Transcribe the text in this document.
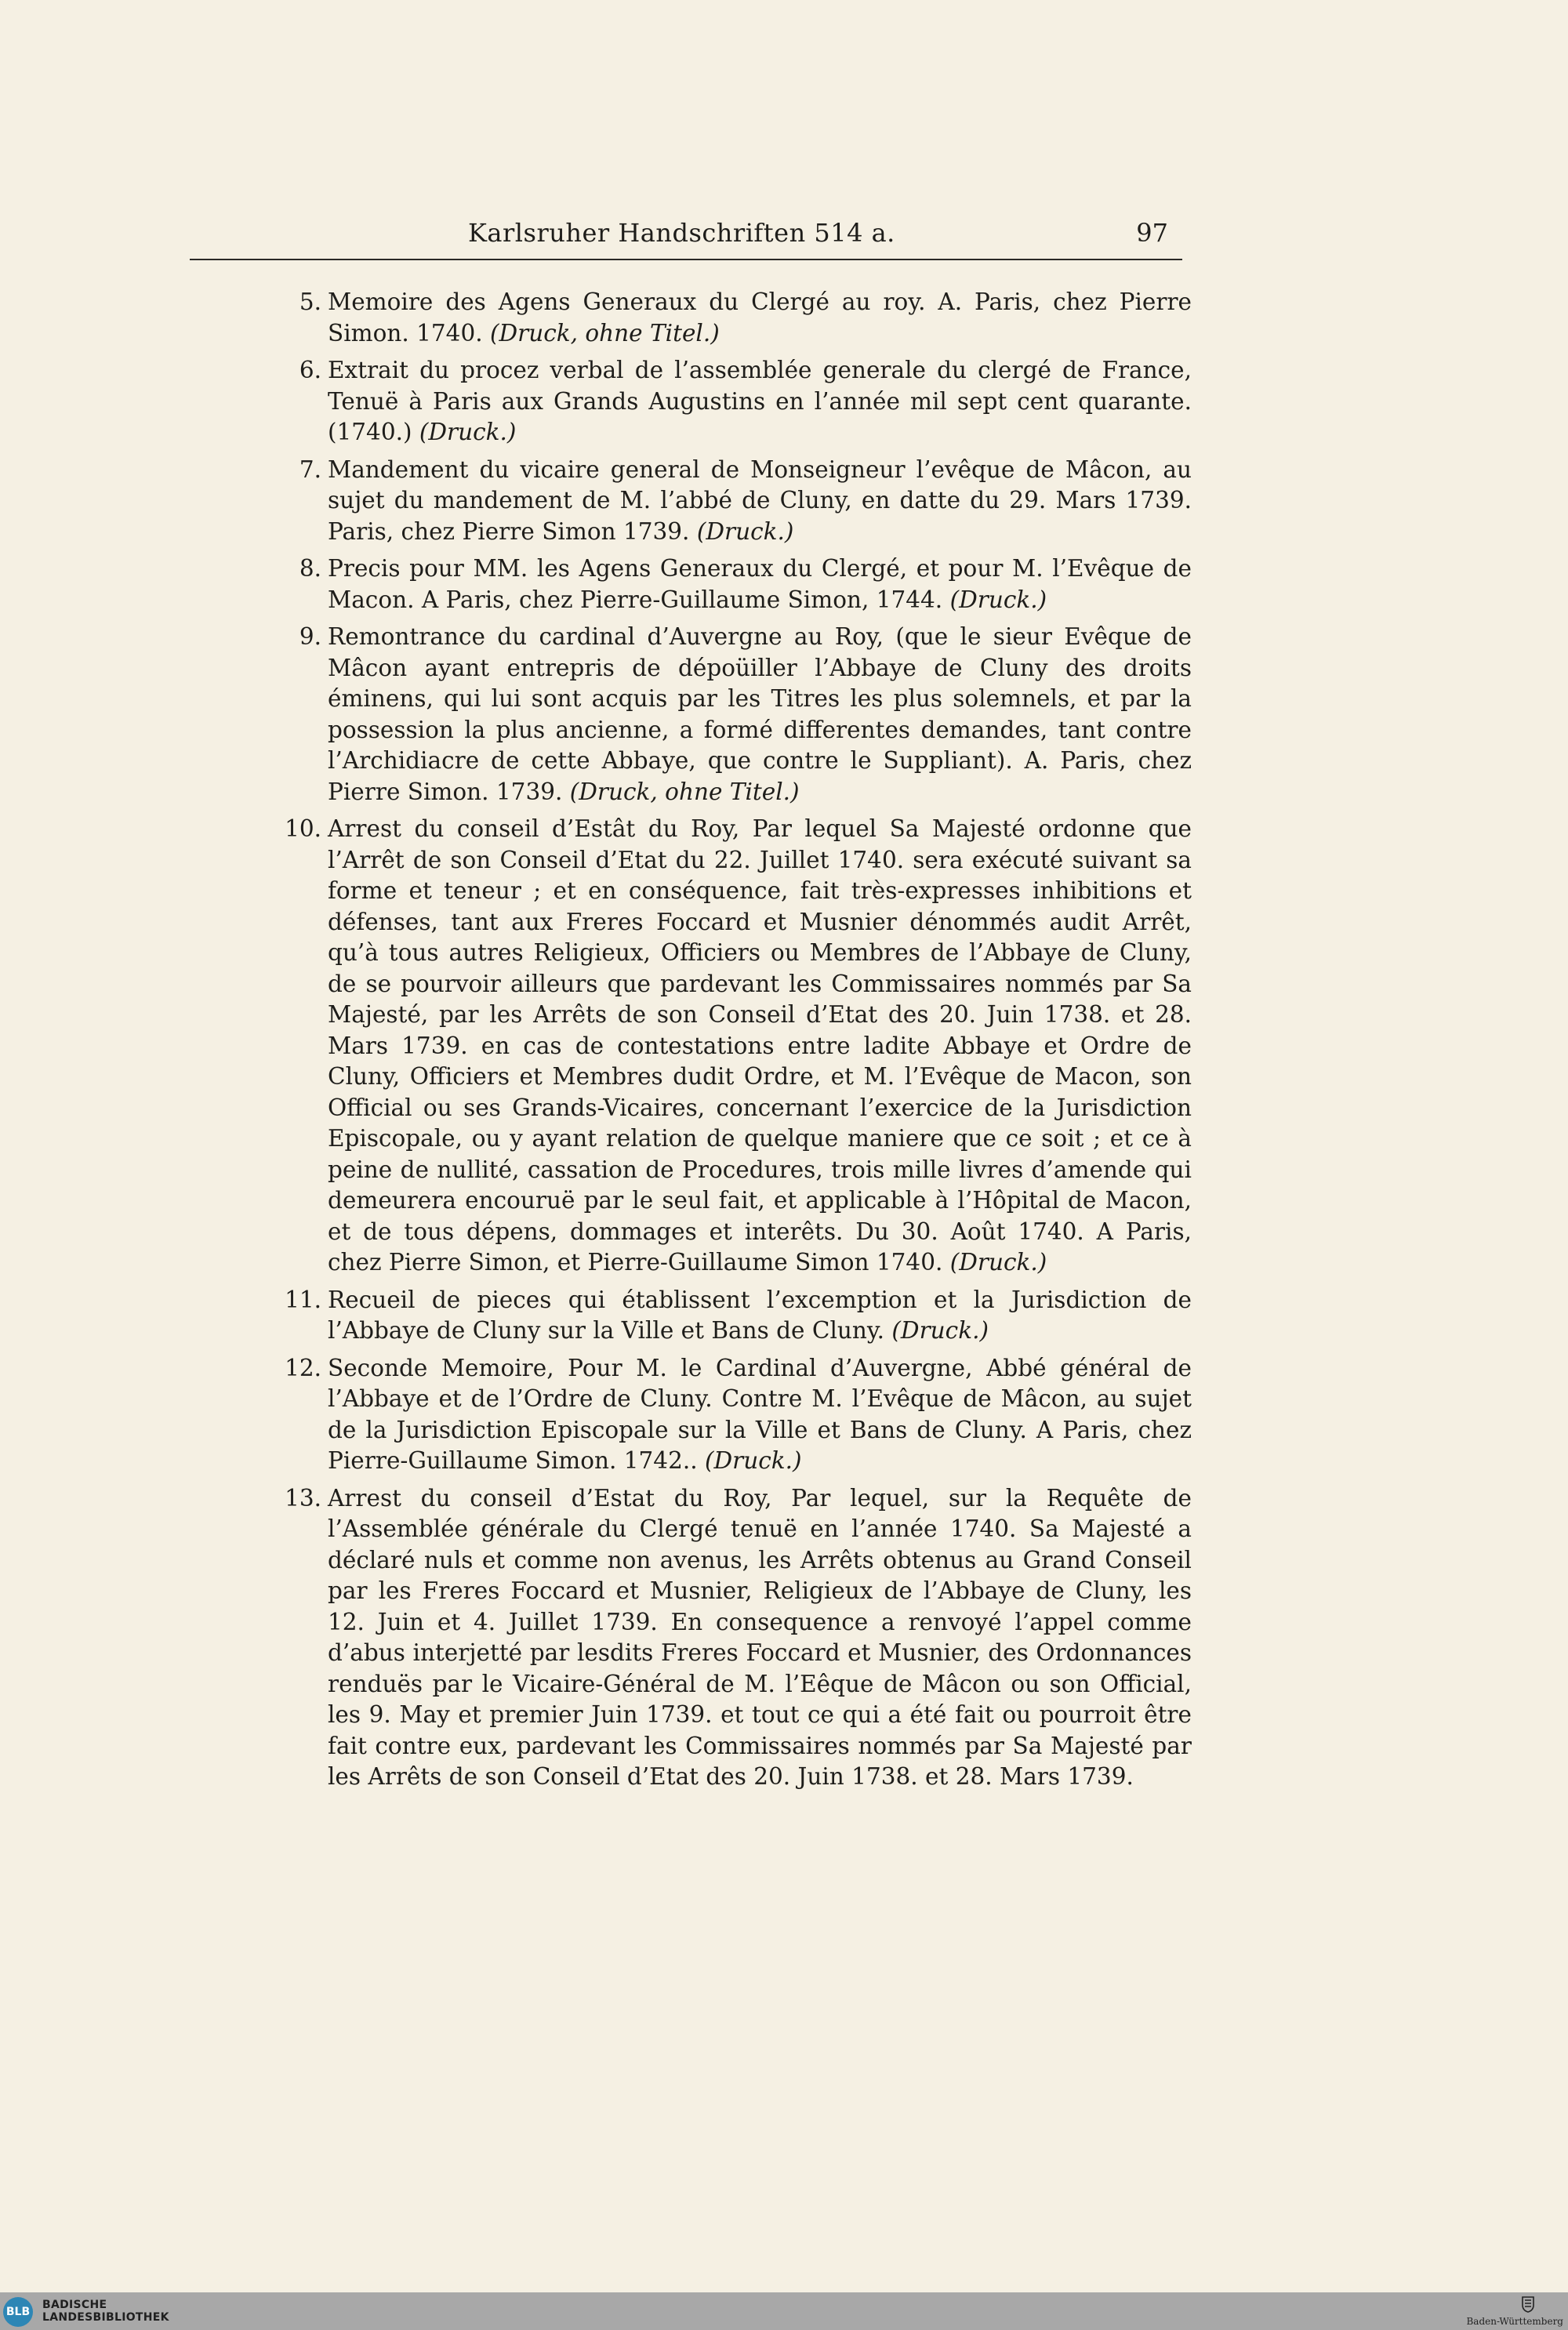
Karlsruher Handschriften 514 a.	97
5. Memoire des Agens Generaux du Clergé au roy. A. Paris, chez Pierre Simon. 1740. (Druck, ohne Titel.)
6. Extrait du procez verbal de l’assemblée generale du clergé de France, Tenuë à Paris aux Grands Augustins en l’année mil sept cent quarante. (1740.) (Druck.)
7. Mandement du vicaire general de Monseigneur l’evêque de Mâcon, au sujet du mandement de M. l’abbé de Cluny, en datte du 29. Mars 1739. Paris, chez Pierre Simon 1739. (Druck.)
8. Precis pour MM. les Agens Generaux du Clergé, et pour M. l’Evêque de Macon. A Paris, chez Pierre-Guillaume Simon, 1744. (Druck.)
9. Remontrance du cardinal d’Auvergne au Roy, (que le sieur Evêque de Mâcon ayant entrepris de dépoüiller l’Abbaye de Cluny des droits éminens, qui lui sont acquis par les Titres les plus solemnels, et par la possession la plus ancienne, a formé differentes demandes, tant contre l’Archidiacre de cette Abbaye, que contre le Suppliant). A. Paris, chez Pierre Simon. 1739. (Druck, ohne Titel.)
10. Arrest du conseil d’Estât du Roy, Par lequel Sa Majesté ordonne que l’Arrêt de son Conseil d’Etat du 22. Juillet 1740. sera exécuté suivant sa forme et teneur ; et en conséquence, fait très-expresses inhibitions et défenses, tant aux Freres Foccard et Musnier dénommés audit Arrêt, qu’à tous autres Religieux, Officiers ou Membres de l’Abbaye de Cluny, de se pourvoir ailleurs que pardevant les Commissaires nommés par Sa Majesté, par les Arrêts de son Conseil d’Etat des 20. Juin 1738. et 28. Mars 1739. en cas de contestations entre ladite Abbaye et Ordre de Cluny, Officiers et Membres dudit Ordre, et M. l’Evêque de Macon, son Official ou ses Grands-Vicaires, concernant l’exercice de la Jurisdiction Episcopale, ou y ayant relation de quelque maniere que ce soit ; et ce à peine de nullité, cassation de Procedures, trois mille livres d’amende qui demeurera encouruë par le seul fait, et applicable à l’Hôpital de Macon, et de tous dépens, dommages et interêts. Du 30. Août 1740. A Paris, chez Pierre Simon, et Pierre-Guillaume Simon 1740. (Druck.)
11. Recueil de pieces qui établissent l’excemption et la Jurisdiction de l’Abbaye de Cluny sur la Ville et Bans de Cluny. (Druck.)
12. Seconde Memoire, Pour M. le Cardinal d’Auvergne, Abbé général de l’Abbaye et de l’Ordre de Cluny. Contre M. l’Evêque de Mâcon, au sujet de la Jurisdiction Episcopale sur la Ville et Bans de Cluny. A Paris, chez Pierre-Guillaume Simon. 1742.. (Druck.)
13. Arrest du conseil d’Estat du Roy, Par lequel, sur la Requête de l’Assemblée générale du Clergé tenuë en l’année 1740. Sa Majesté a déclaré nuls et comme non avenus, les Arrêts obtenus au Grand Conseil par les Freres Foccard et Musnier, Religieux de l’Abbaye de Cluny, les 12. Juin et 4. Juillet 1739. En consequence a renvoyé l’appel comme d’abus interjetté par lesdits Freres Foccard et Musnier, des Ordonnances renduës par le Vicaire-Général de M. l’Eêque de Mâcon ou son Official, les 9. May et premier Juin 1739. et tout ce qui a été fait ou pourroit être fait contre eux, pardevant les Commissaires nommés par Sa Majesté par les Arrêts de son Conseil d’Etat des 20. Juin 1738. et 28. Mars 1739.
BLB
BADISCHE
LANDESBIBLIOTHEK	Baden-Württemberg
